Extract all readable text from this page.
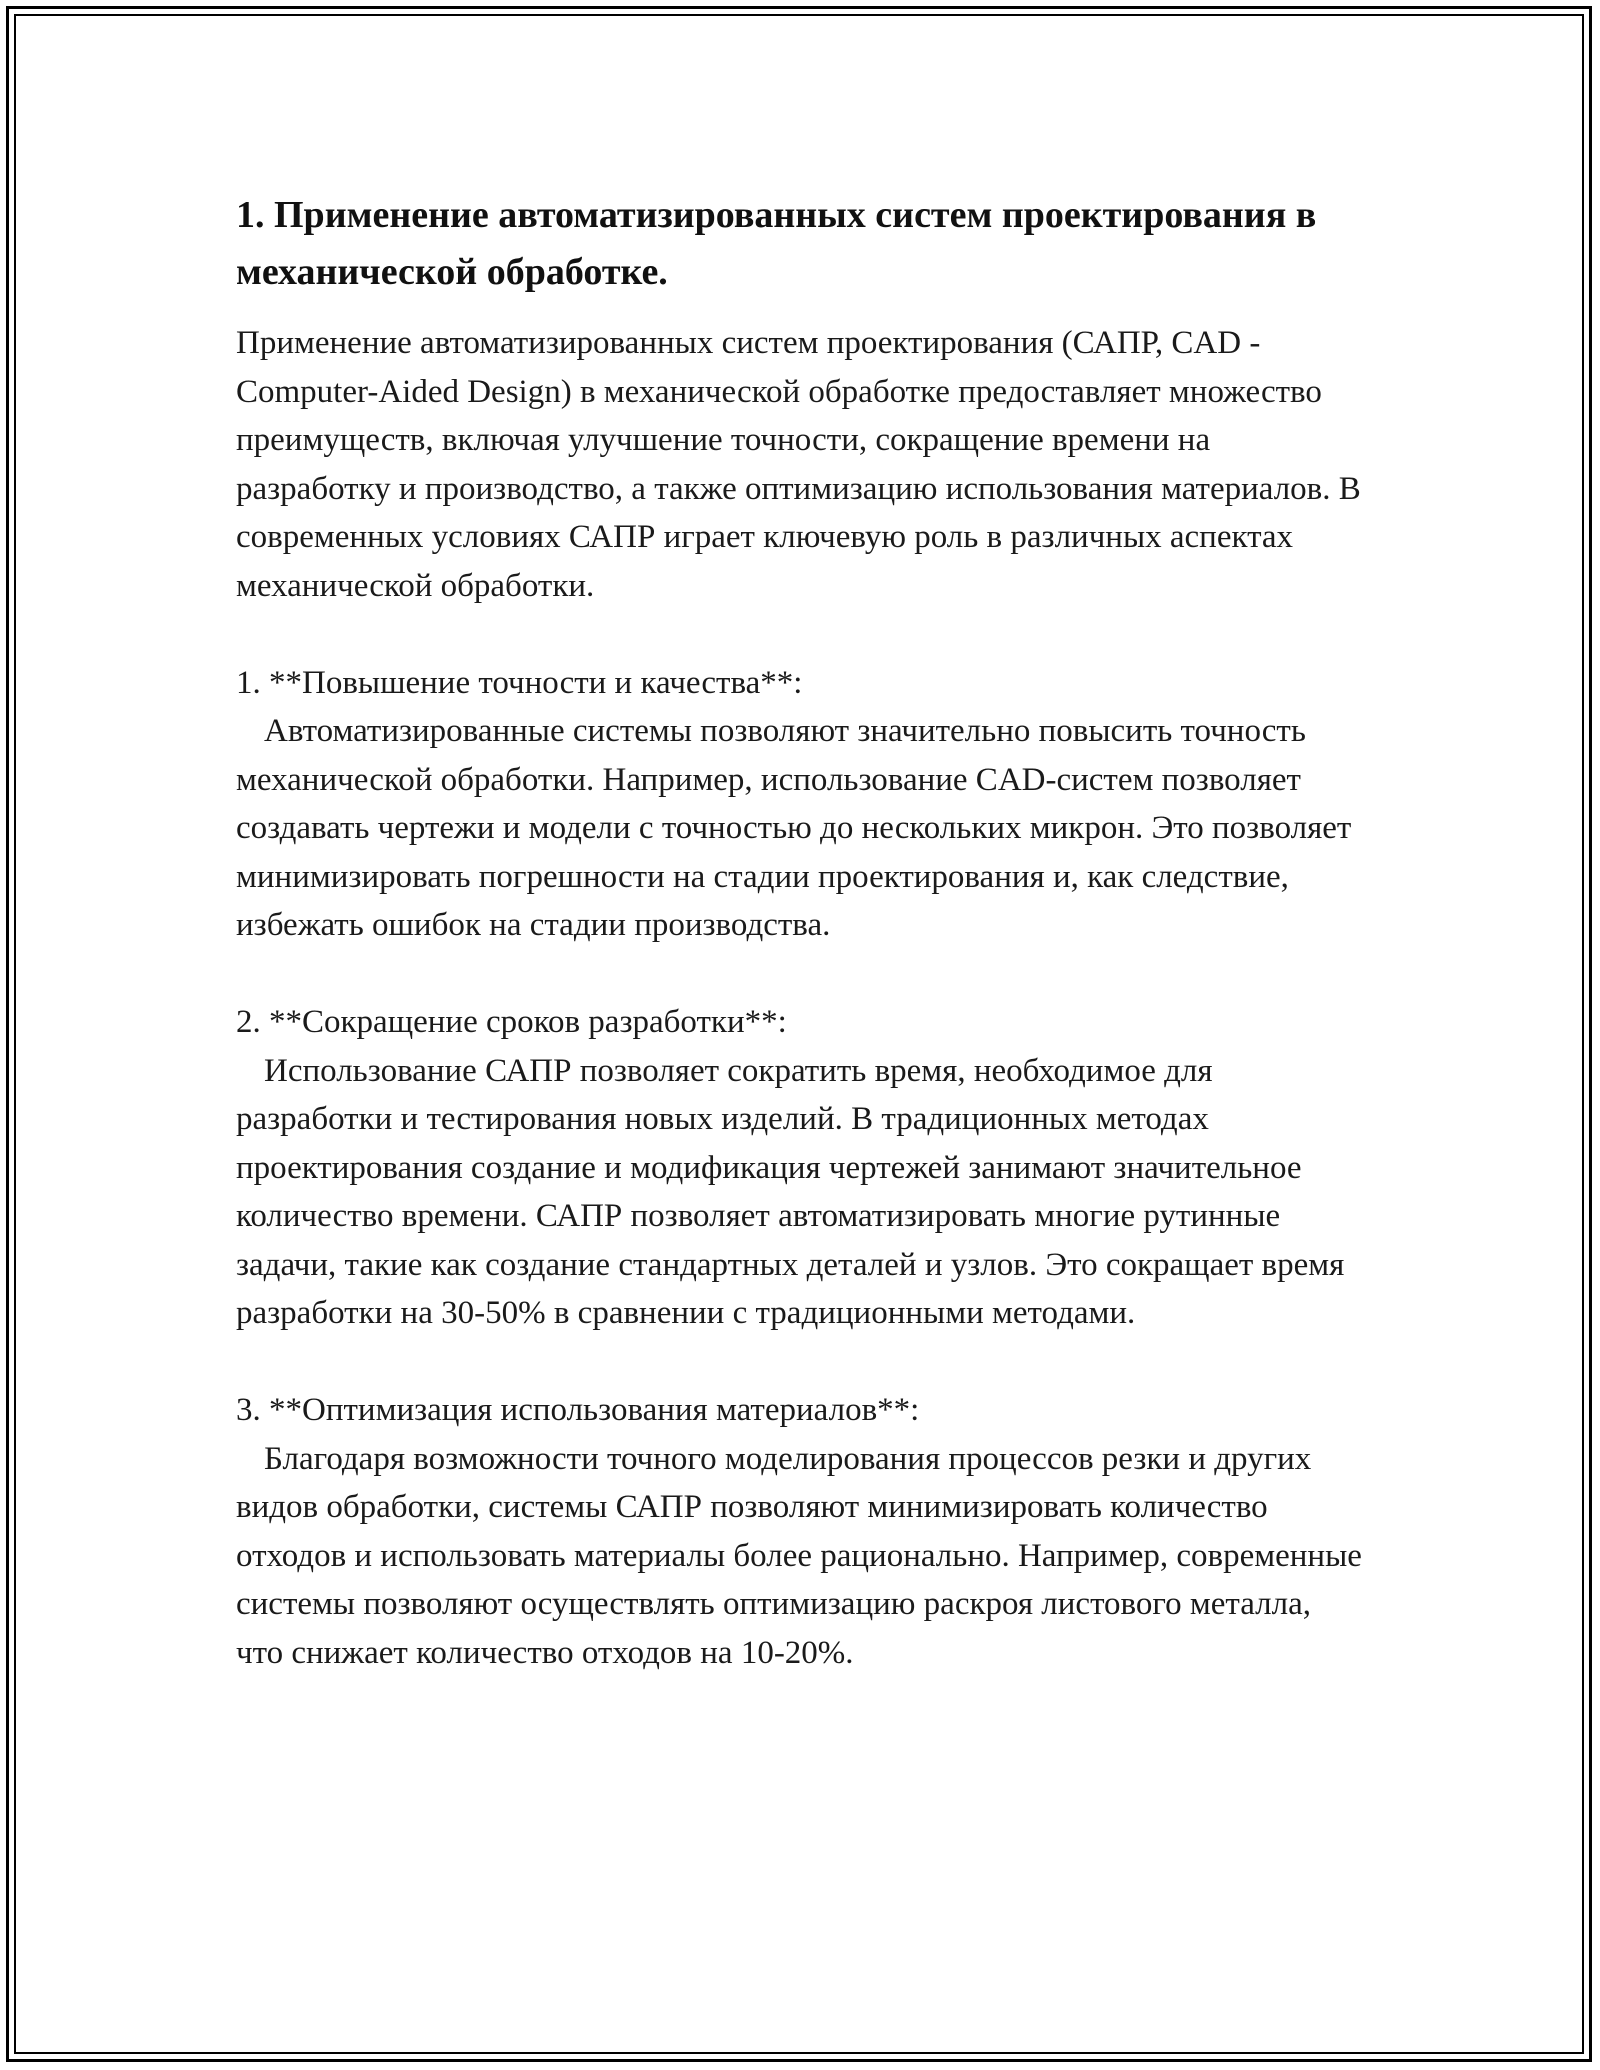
1. Применение автоматизированных систем проектирования в механической обработке.

Применение автоматизированных систем проектирования (САПР, CAD - Computer-Aided Design) в механической обработке предоставляет множество преимуществ, включая улучшение точности, сокращение времени на разработку и производство, а также оптимизацию использования материалов. В современных условиях САПР играет ключевую роль в различных аспектах механической обработки.

1. **Повышение точности и качества**:

Автоматизированные системы позволяют значительно повысить точность механической обработки. Например, использование CAD-систем позволяет создавать чертежи и модели с точностью до нескольких микрон. Это позволяет минимизировать погрешности на стадии проектирования и, как следствие, избежать ошибок на стадии производства.

2. **Сокращение сроков разработки**:

Использование САПР позволяет сократить время, необходимое для разработки и тестирования новых изделий. В традиционных методах проектирования создание и модификация чертежей занимают значительное количество времени. САПР позволяет автоматизировать многие рутинные задачи, такие как создание стандартных деталей и узлов. Это сокращает время разработки на 30-50% в сравнении с традиционными методами.

3. **Оптимизация использования материалов**:

Благодаря возможности точного моделирования процессов резки и других видов обработки, системы САПР позволяют минимизировать количество отходов и использовать материалы более рационально. Например, современные системы позволяют осуществлять оптимизацию раскроя листового металла, что снижает количество отходов на 10-20%.
